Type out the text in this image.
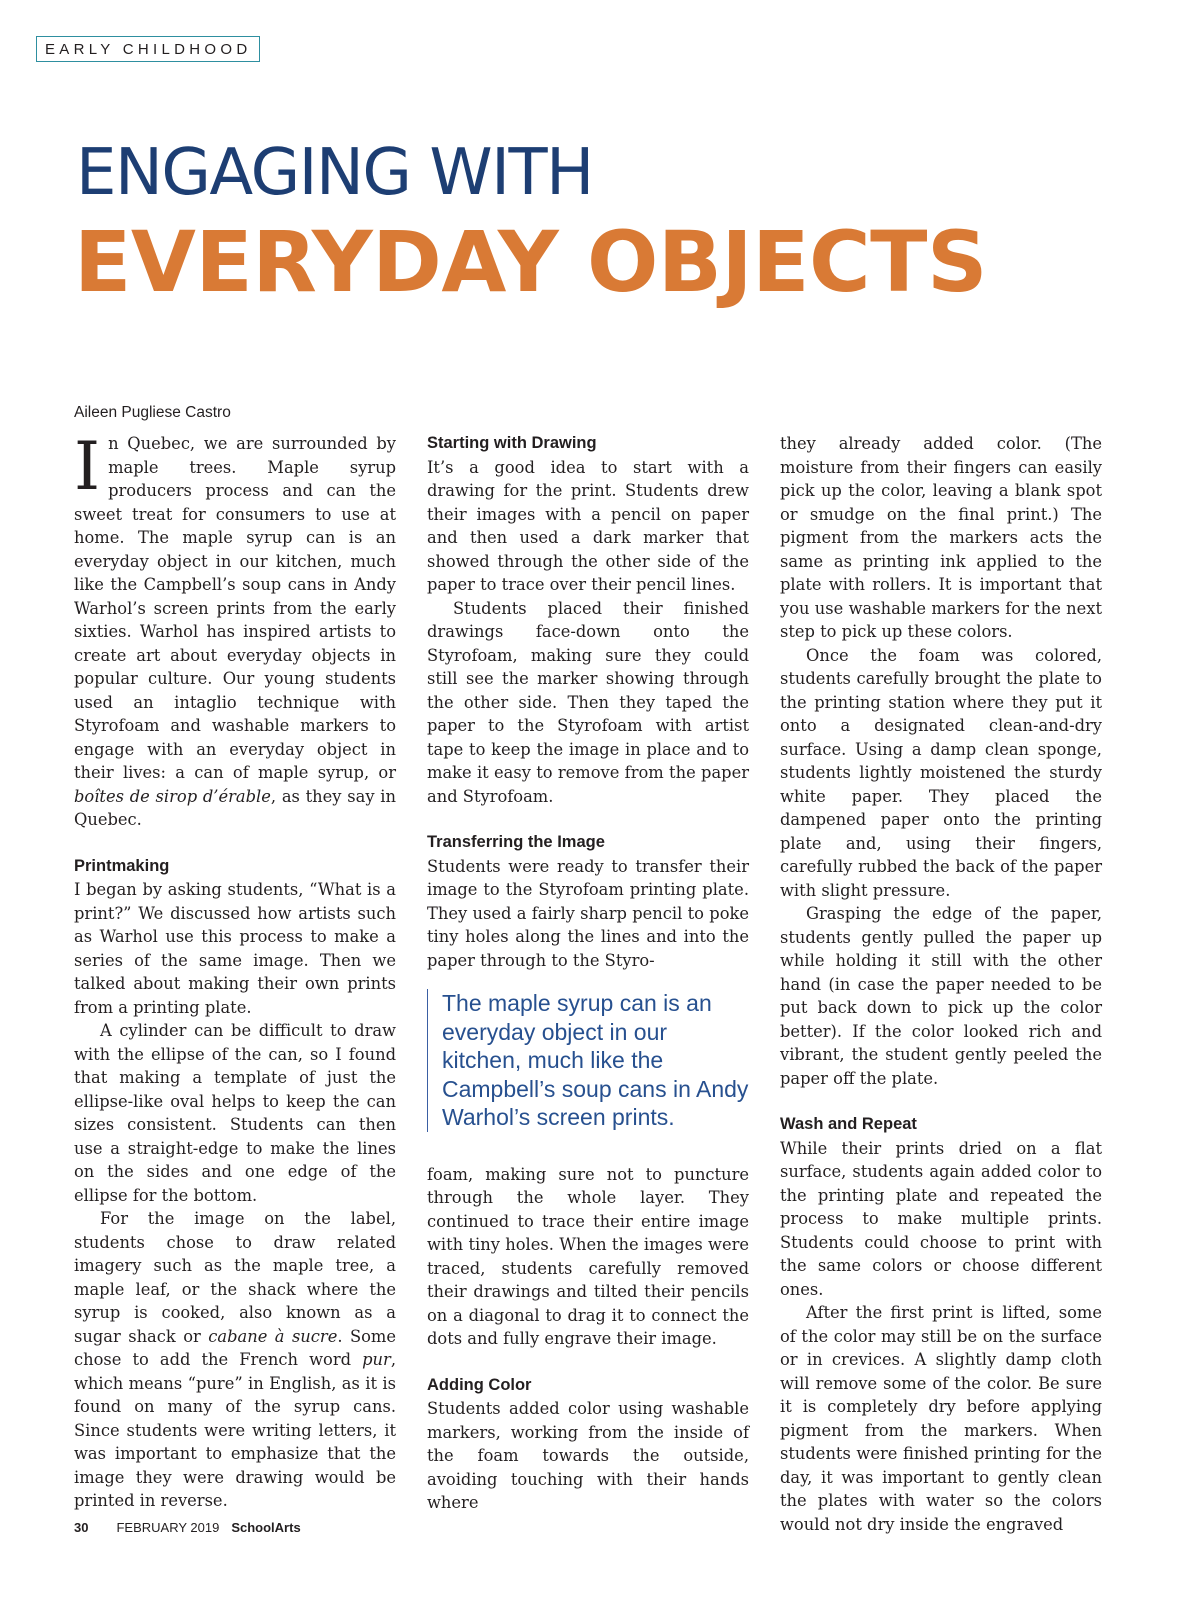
EARLY CHILDHOOD
ENGAGING WITH
EVERYDAY OBJECTS
Aileen Pugliese Castro

In Quebec, we are surrounded by maple trees. Maple syrup producers process and can the sweet treat for consumers to use at home. The maple syrup can is an everyday object in our kitchen, much like the Campbell’s soup cans in Andy Warhol’s screen prints from the early sixties. Warhol has inspired artists to create art about everyday objects in popular culture. Our young students used an intaglio technique with Styrofoam and washable markers to engage with an everyday object in their lives: a can of maple syrup, or boîtes de sirop d’érable, as they say in Quebec.

Printmaking

I began by asking students, “What is a print?” We discussed how artists such as Warhol use this process to make a series of the same image. Then we talked about making their own prints from a printing plate.

A cylinder can be difficult to draw with the ellipse of the can, so I found that making a template of just the ellipse-like oval helps to keep the can sizes consistent. Students can then use a straight-edge to make the lines on the sides and one edge of the ellipse for the bottom.

For the image on the label, students chose to draw related imagery such as the maple tree, a maple leaf, or the shack where the syrup is cooked, also known as a sugar shack or cabane à sucre. Some chose to add the French word pur, which means “pure” in English, as it is found on many of the syrup cans. Since students were writing letters, it was important to emphasize that the image they were drawing would be printed in reverse.

Starting with Drawing

It’s a good idea to start with a drawing for the print. Students drew their images with a pencil on paper and then used a dark marker that showed through the other side of the paper to trace over their pencil lines.

Students placed their finished drawings face-down onto the Styrofoam, making sure they could still see the marker showing through the other side. Then they taped the paper to the Styrofoam with artist tape to keep the image in place and to make it easy to remove from the paper and Styrofoam.

Transferring the Image

Students were ready to transfer their image to the Styrofoam printing plate. They used a fairly sharp pencil to poke tiny holes along the lines and into the paper through to the Styro-

The maple syrup can is an everyday object in our kitchen, much like the Campbell’s soup cans in Andy Warhol’s screen prints.

foam, making sure not to puncture through the whole layer. They continued to trace their entire image with tiny holes. When the images were traced, students carefully removed their drawings and tilted their pencils on a diagonal to drag it to connect the dots and fully engrave their image.

Adding Color

Students added color using washable markers, working from the inside of the foam towards the outside, avoiding touching with their hands where

they already added color. (The moisture from their fingers can easily pick up the color, leaving a blank spot or smudge on the final print.) The pigment from the markers acts the same as printing ink applied to the plate with rollers. It is important that you use washable markers for the next step to pick up these colors.

Once the foam was colored, students carefully brought the plate to the printing station where they put it onto a designated clean-and-dry surface. Using a damp clean sponge, students lightly moistened the sturdy white paper. They placed the dampened paper onto the printing plate and, using their fingers, carefully rubbed the back of the paper with slight pressure.

Grasping the edge of the paper, students gently pulled the paper up while holding it still with the other hand (in case the paper needed to be put back down to pick up the color better). If the color looked rich and vibrant, the student gently peeled the paper off the plate.

Wash and Repeat

While their prints dried on a flat surface, students again added color to the printing plate and repeated the process to make multiple prints. Students could choose to print with the same colors or choose different ones.

After the first print is lifted, some of the color may still be on the surface or in crevices. A slightly damp cloth will remove some of the color. Be sure it is completely dry before applying pigment from the markers. When students were finished printing for the day, it was important to gently clean the plates with water so the colors would not dry inside the engraved

30 FEBRUARY 2019 SchoolArts
